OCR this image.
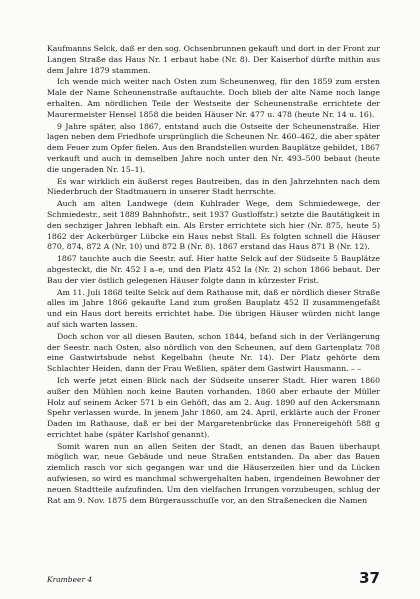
Kaufmanns Selck, daß er den sog. Ochsenbrunnen gekauft und dort in der Front zur Langen Straße das Haus Nr. 1 erbaut habe (Nr. 8). Der Kaiserhof dürfte mithin aus dem Jahre 1879 stammen.

Ich wende mich weiter nach Osten zum Scheunenweg, für den 1859 zum ersten Male der Name Scheunenstraße auftauchte. Doch blieb der alte Name noch lange erhalten. Am nördlichen Teile der Westseite der Scheunenstraße errichtete der Maurermeister Hensel 1858 die beiden Häuser Nr. 477 u. 478 (heute Nr. 14 u. 16).

9 Jahre später, also 1867, entstand auch die Ostseite der Scheunenstraße. Hier lagen neben dem Friedhofe ursprünglich die Scheunen Nr. 460–462, die aber später dem Feuer zum Opfer fielen. Aus den Brandstellen wurden Bauplätze gebildet, 1867 verkauft und auch in demselben Jahre noch unter den Nr. 493–500 bebaut (heute die ungeraden Nr. 15–1).

Es war wirklich ein äußerst reges Bautreiben, das in den Jahrzehnten nach dem Niederbruch der Stadtmauern in unserer Stadt herrschte.

Auch am alten Landwege (dem Kuhlrader Wege, dem Schmiedewege, der Schmiedestr., seit 1889 Bahnhofstr., seit 1937 Gustloffstr.) setzte die Bautätigkeit in den sechziger Jahren lebhaft ein. Als Erster errichtete sich hier (Nr. 875, heute 5) 1862 der Ackerbürger Lübcke ein Haus nebst Stall. Es folgten schnell die Häuser 870, 874, 872 A (Nr. 10) und 872 B (Nr. 8). 1867 erstand das Haus 871 B (Nr. 12).

1867 tauchte auch die Seestr. auf. Hier hatte Selck auf der Südseite 5 Bauplätze abgesteckt, die Nr. 452 I a–e, und den Platz 452 Ia (Nr. 2) schon 1866 bebaut. Der Bau der vier östlich gelegenen Häuser folgte dann in kürzester Frist.

Am 11. Juli 1868 teilte Selck auf dem Rathause mit, daß er nördlich dieser Straße alles im Jahre 1866 gekaufte Land zum großen Bauplatz 452 II zusammengefaßt und ein Haus dort bereits errichtet habe. Die übrigen Häuser würden nicht lange auf sich warten lassen.

Doch schon vor all diesen Bauten, schon 1844, befand sich in der Verlängerung der Seestr. nach Osten, also nördlich von den Scheunen, auf dem Gartenplatz 708 eine Gastwirtsbude nebst Kegelbahn (heute Nr. 14). Der Platz gehörte dem Schlachter Heiden, dann der Frau Weßlien, später dem Gastwirt Hausmann. – –

Ich werfe jetzt einen Blick nach der Südseite unserer Stadt. Hier waren 1860 außer den Mühlen noch keine Bauten vorhanden. 1860 aber erbaute der Müller Holz auf seinem Acker 571 b ein Gehöft, das am 2. Aug. 1890 auf den Ackersmann Spehr verlassen wurde. In jenem Jahr 1860, am 24. April, erklärte auch der Froner Daden im Rathause, daß er bei der Margaretenbrücke das Fronereigehöft 588 g errichtet habe (später Karlshof genannt).

Somit waren nun an allen Seiten der Stadt, an denen das Bauen überhaupt möglich war, neue Gebäude und neue Straßen entstanden. Da aber das Bauen ziemlich rasch vor sich gegangen war und die Häuserzeilen hier und da Lücken aufwiesen, so wird es manchmal schwergehalten haben, irgendeinen Bewohner der neuen Stadtteile aufzufinden. Um den vielfachen Irrungen vorzubeugen, schlug der Rat am 9. Nov. 1875 dem Bürgerausschuſſe vor, an den Straßenecken die Namen

Krambeer 4	37
